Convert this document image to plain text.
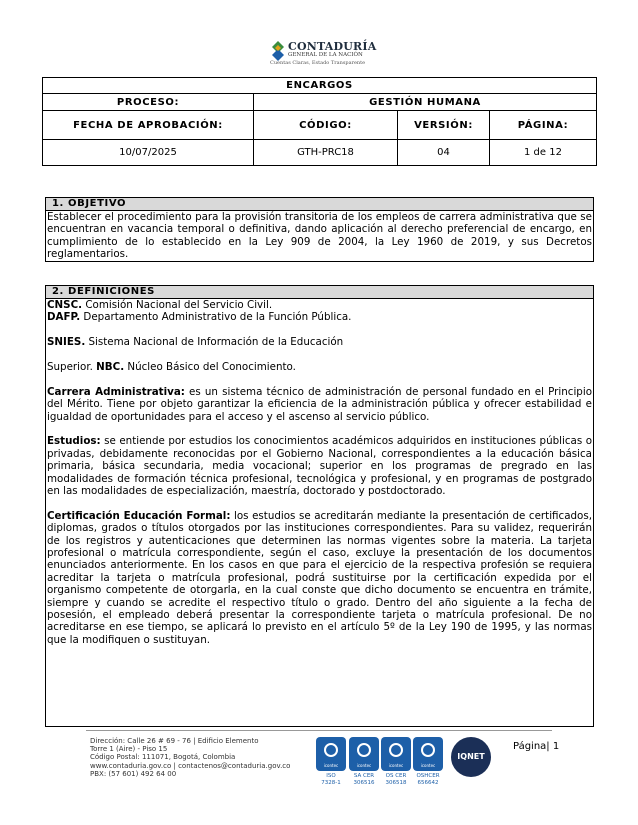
CONTADURÍA
GENERAL DE LA NACIÓN
Cuentas Claras, Estado Transparente
ENCARGOS			
PROCESO:	GESTIÓN HUMANA		
FECHA DE APROBACIÓN:	CÓDIGO:	VERSIÓN:	PÁGINA:
10/07/2025	GTH-PRC18	04	1 de 12
1. OBJETIVO

Establecer el procedimiento para la provisión transitoria de los empleos de carrera administrativa que se encuentran en vacancia temporal o definitiva, dando aplicación al derecho preferencial de encargo, en cumplimiento de lo establecido en la Ley 909 de 2004, la Ley 1960 de 2019, y sus Decretos reglamentarios.

2. DEFINICIONES

CNSC. Comisión Nacional del Servicio Civil.

DAFP. Departamento Administrativo de la Función Pública.

SNIES. Sistema Nacional de Información de la Educación

Superior. NBC. Núcleo Básico del Conocimiento.

Carrera Administrativa: es un sistema técnico de administración de personal fundado en el Principio del Mérito. Tiene por objeto garantizar la eficiencia de la administración pública y ofrecer estabilidad e igualdad de oportunidades para el acceso y el ascenso al servicio público.

Estudios: se entiende por estudios los conocimientos académicos adquiridos en instituciones públicas o privadas, debidamente reconocidas por el Gobierno Nacional, correspondientes a la educación básica primaria, básica secundaria, media vocacional; superior en los programas de pregrado en las modalidades de formación técnica profesional, tecnológica y profesional, y en programas de postgrado en las modalidades de especialización, maestría, doctorado y postdoctorado.

Certificación Educación Formal: los estudios se acreditarán mediante la presentación de certificados, diplomas, grados o títulos otorgados por las instituciones correspondientes. Para su validez, requerirán de los registros y autenticaciones que determinen las normas vigentes sobre la materia. La tarjeta profesional o matrícula correspondiente, según el caso, excluye la presentación de los documentos enunciados anteriormente. En los casos en que para el ejercicio de la respectiva profesión se requiera acreditar la tarjeta o matrícula profesional, podrá sustituirse por la certificación expedida por el organismo competente de otorgarla, en la cual conste que dicho documento se encuentra en trámite, siempre y cuando se acredite el respectivo título o grado. Dentro del año siguiente a la fecha de posesión, el empleado deberá presentar la correspondiente tarjeta o matrícula profesional. De no acreditarse en ese tiempo, se aplicará lo previsto en el artículo 5º de la Ley 190 de 1995, y las normas que la modifiquen o sustituyan.

Dirección: Calle 26 # 69 - 76 | Edificio Elemento
Torre 1 (Aire) - Piso 15
Código Postal: 111071, Bogotá, Colombia
www.contaduria.gov.co | contactenos@contaduria.gov.co
PBX: (57 601) 492 64 00
icontec	icontec	icontec	icontec
ISO
7328-1
SA CER
306516
OS CER
306518
OSHCER
656642
IQNET
Página| 1
